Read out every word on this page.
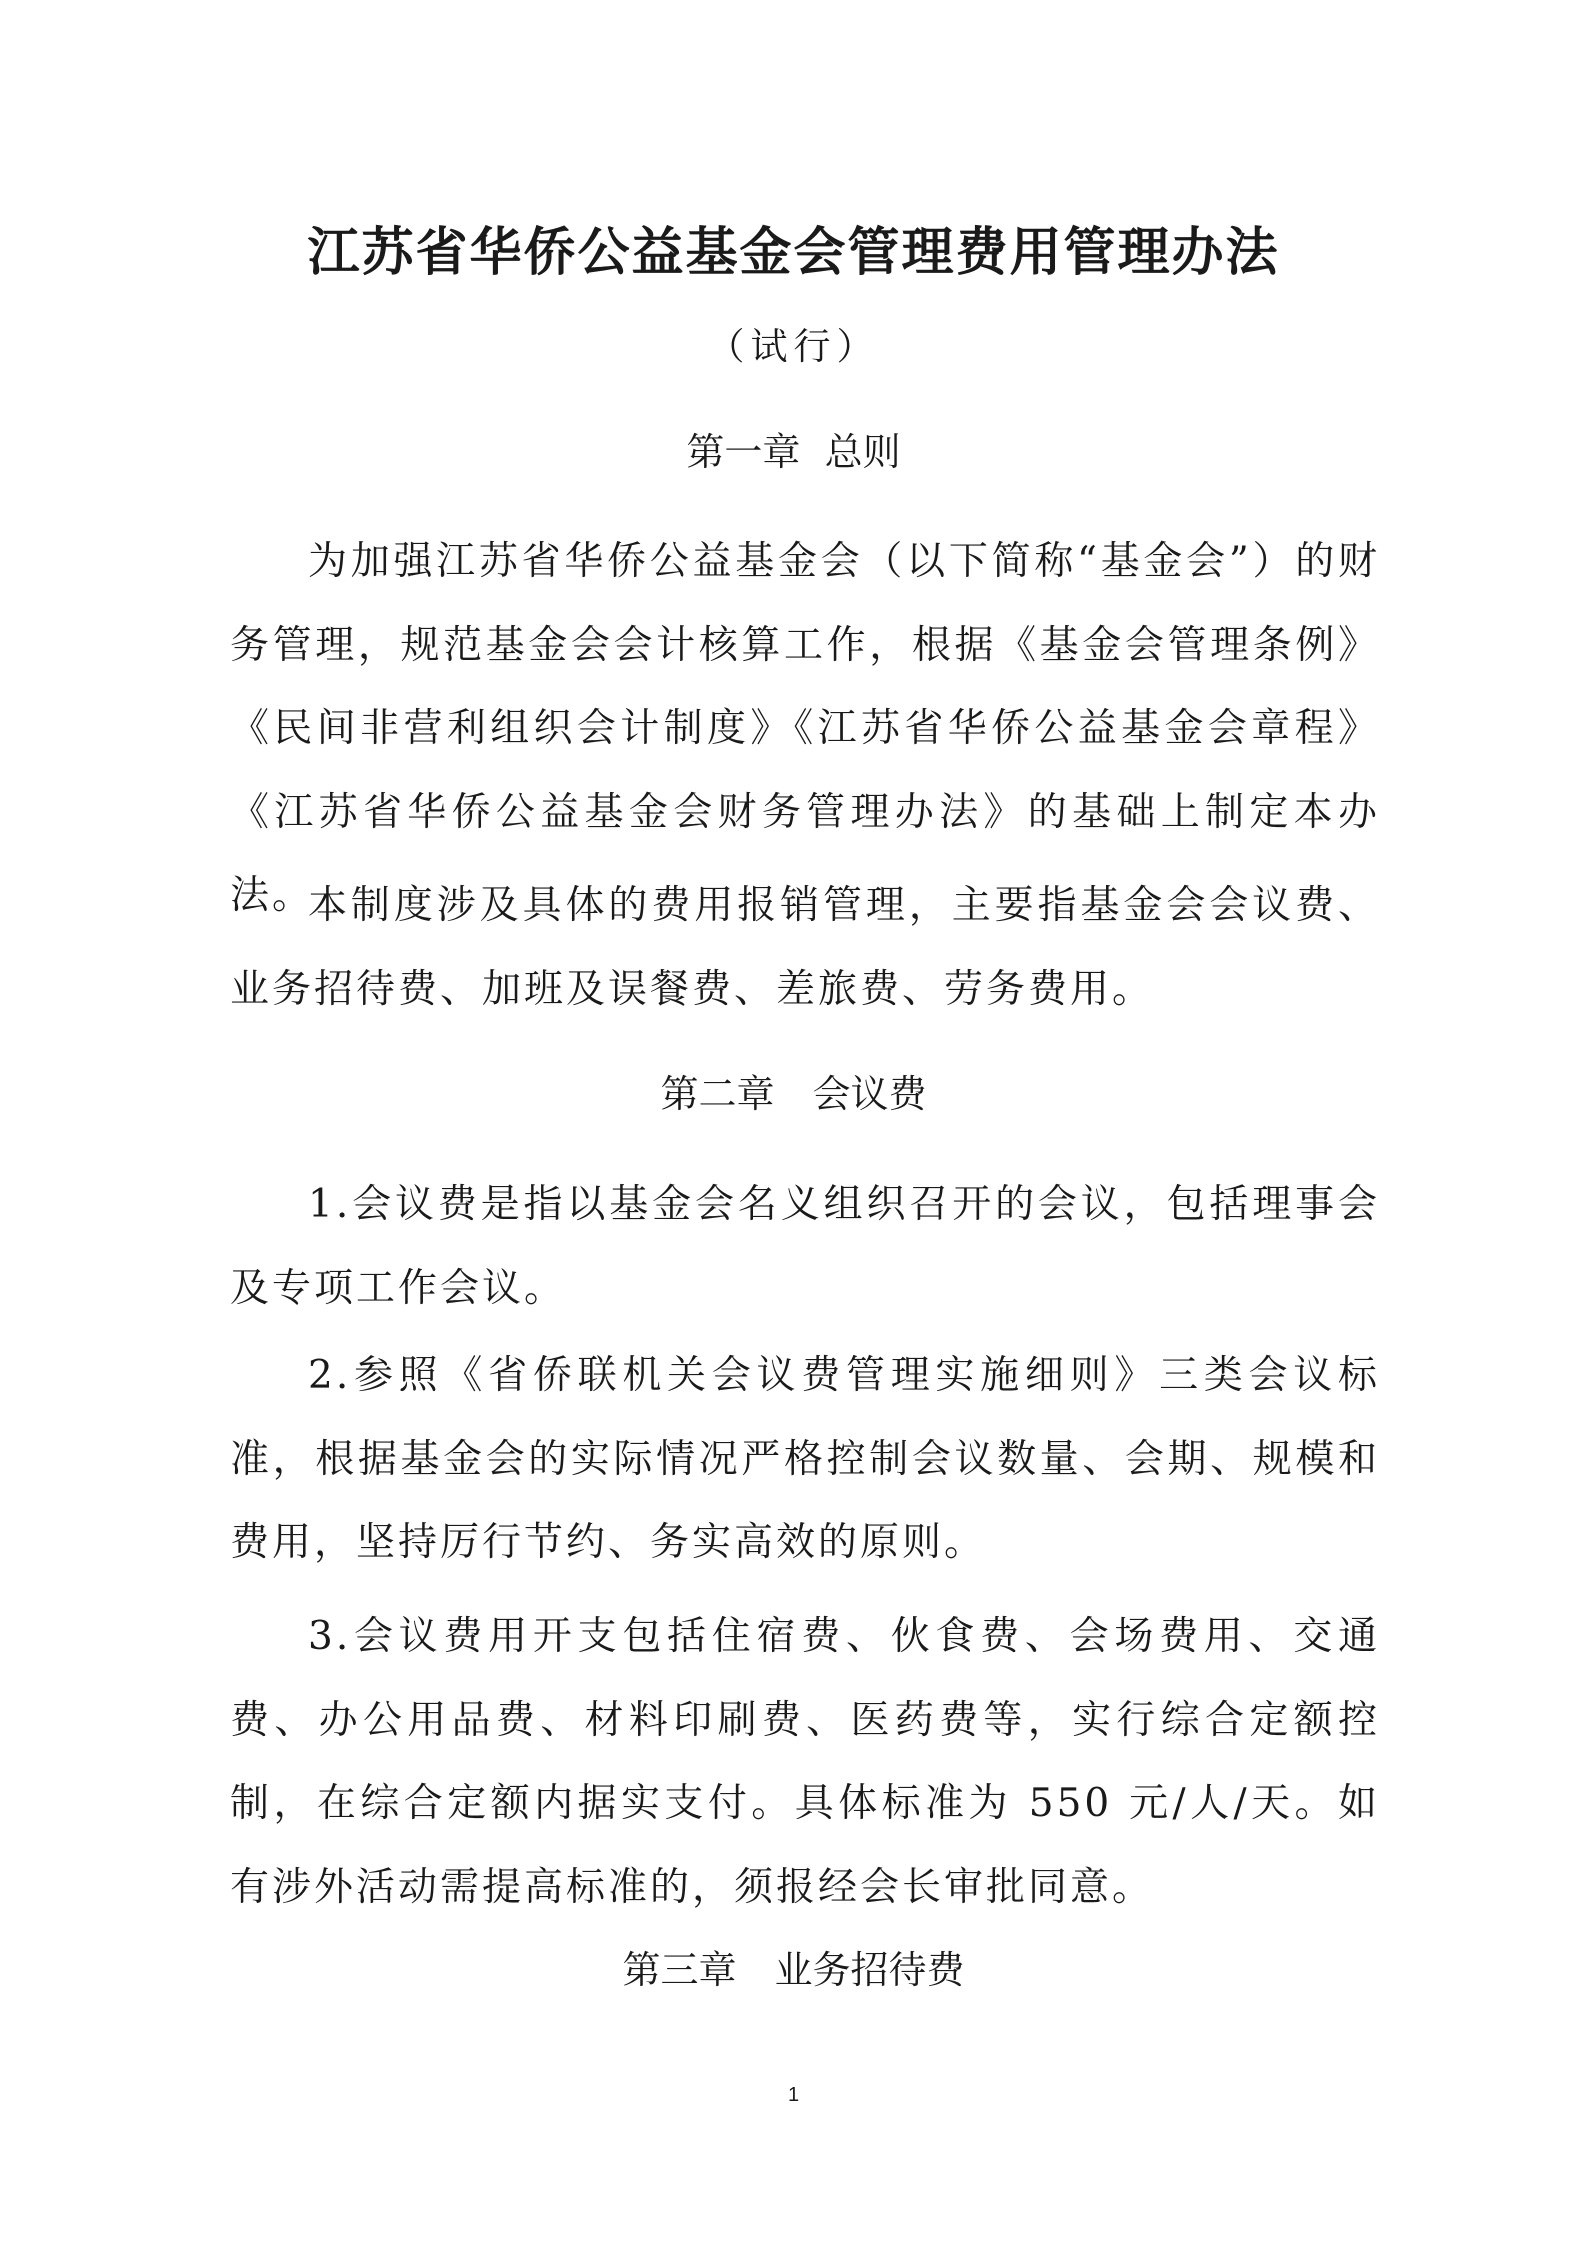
江苏省华侨公益基金会管理费用管理办法
（试行）
第一章  总则

为加强江苏省华侨公益基金会（以下简称“基金会”）的财务管理，规范基金会会计核算工作，根据《基金会管理条例》《民间非营利组织会计制度》《江苏省华侨公益基金会章程》《江苏省华侨公益基金会财务管理办法》的基础上制定本办法。

本制度涉及具体的费用报销管理，主要指基金会会议费、业务招待费、加班及误餐费、差旅费、劳务费用。

第二章　会议费

1.会议费是指以基金会名义组织召开的会议，包括理事会及专项工作会议。

2.参照《省侨联机关会议费管理实施细则》三类会议标准，根据基金会的实际情况严格控制会议数量、会期、规模和费用，坚持厉行节约、务实高效的原则。

3.会议费用开支包括住宿费、伙食费、会场费用、交通费、办公用品费、材料印刷费、医药费等，实行综合定额控制，在综合定额内据实支付。具体标准为 550 元/人/天。如有涉外活动需提高标准的，须报经会长审批同意。

第三章　业务招待费
1
